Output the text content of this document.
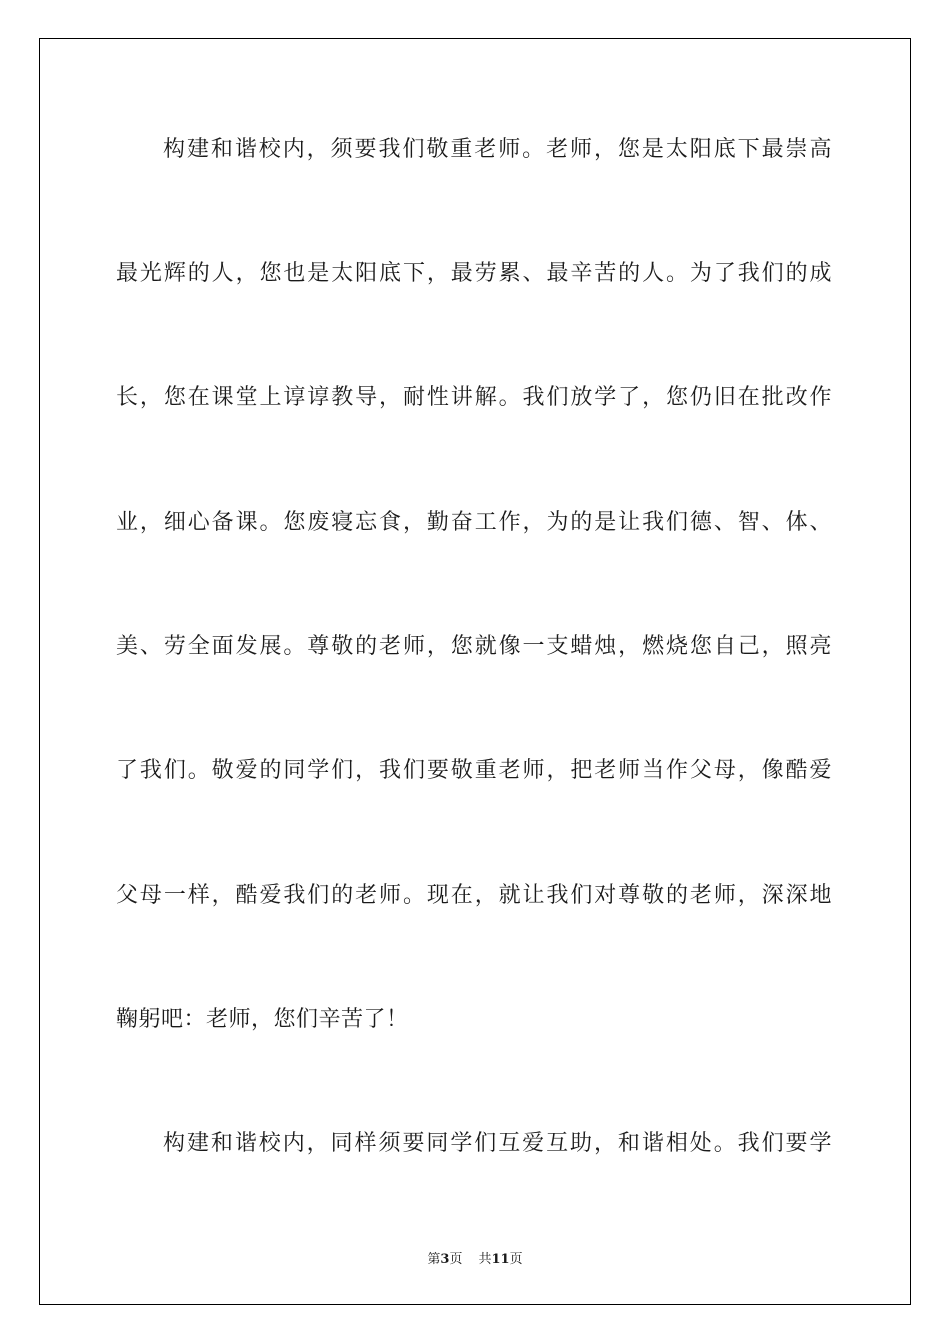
构建和谐校内，须要我们敬重老师。老师，您是太阳底下最崇高
最光辉的人，您也是太阳底下，最劳累、最辛苦的人。为了我们的成
长，您在课堂上谆谆教导，耐性讲解。我们放学了，您仍旧在批改作
业，细心备课。您废寝忘食，勤奋工作，为的是让我们德、智、体、
美、劳全面发展。尊敬的老师，您就像一支蜡烛，燃烧您自己，照亮
了我们。敬爱的同学们，我们要敬重老师，把老师当作父母，像酷爱
父母一样，酷爱我们的老师。现在，就让我们对尊敬的老师，深深地
鞠躬吧：老师，您们辛苦了！
构建和谐校内，同样须要同学们互爱互助，和谐相处。我们要学
第3页 共11页
